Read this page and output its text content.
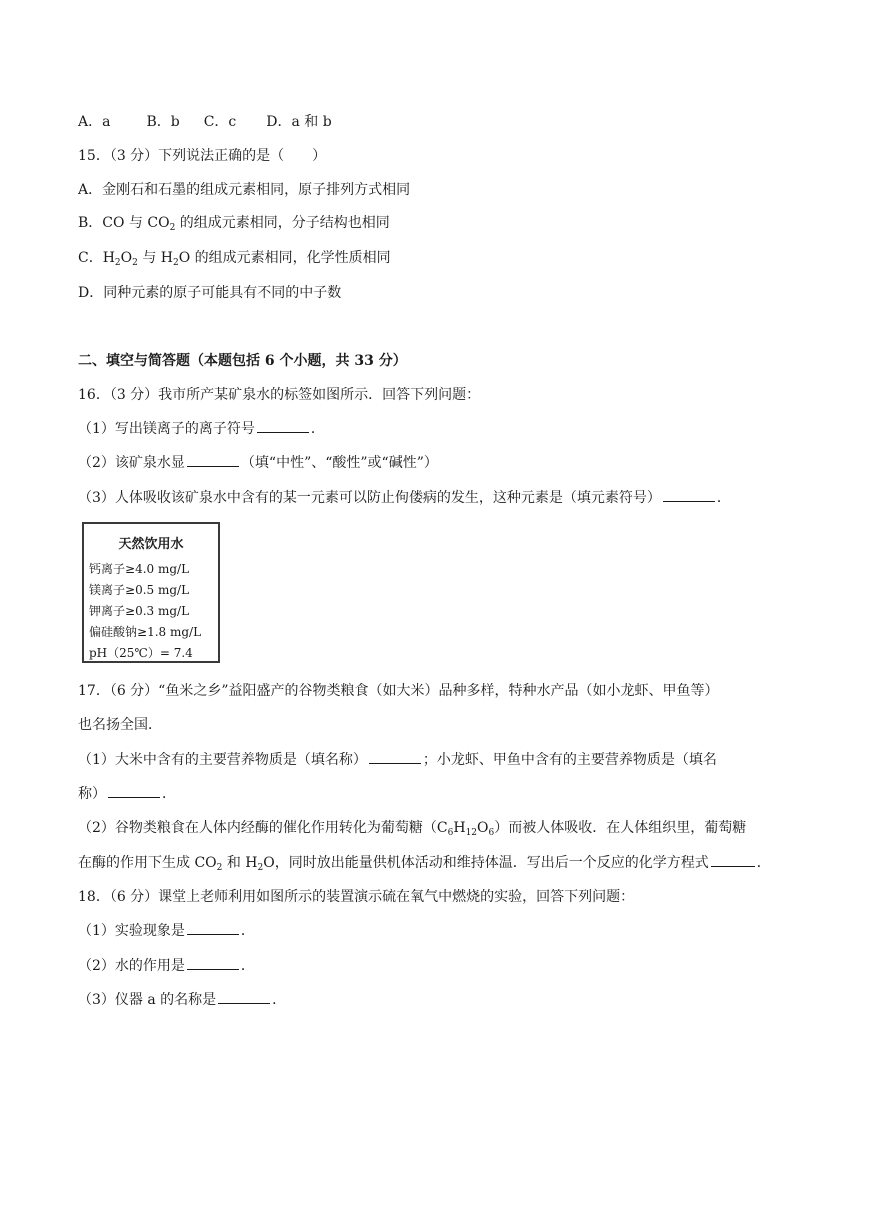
A．a	B．b C．c D．a 和 b
15．（3 分）下列说法正确的是（　　）
A．金刚石和石墨的组成元素相同，原子排列方式相同
B．CO 与 $CO_2$ 的组成元素相同，分子结构也相同
C．$H_2O_2$ 与 $H_2O$ 的组成元素相同，化学性质相同
D．同种元素的原子可能具有不同的中子数
二、填空与简答题（本题包括 6 个小题，共 33 分）
16．（3 分）我市所产某矿泉水的标签如图所示．回答下列问题：
（1）写出镁离子的离子符号	．
（2）该矿泉水显	（填“中性”、“酸性”或“碱性”）
（3）人体吸收该矿泉水中含有的某一元素可以防止佝偻病的发生，这种元素是（填元素符号）	．
天然饮用水
钙离子≥4.0 mg/L
镁离子≥0.5 mg/L
钾离子≥0.3 mg/L
偏硅酸钠≥1.8 mg/L
pH（25℃）= 7.4
17．（6 分）“鱼米之乡”益阳盛产的谷物类粮食（如大米）品种多样，特种水产品（如小龙虾、甲鱼等）
也名扬全国．
（1）大米中含有的主要营养物质是（填名称）	；小龙虾、甲鱼中含有的主要营养物质是（填名
称）	．
（2）谷物类粮食在人体内经酶的催化作用转化为葡萄糖$(C_6H_{12}O_6)$而被人体吸收．在人体组织里，葡萄糖
在酶的作用下生成 $CO_2$ 和 $H_2O$，同时放出能量供机体活动和维持体温．写出后一个反应的化学方程式	．
18．（6 分）课堂上老师利用如图所示的装置演示硫在氧气中燃烧的实验，回答下列问题：
（1）实验现象是	．
（2）水的作用是	．
（3）仪器 a 的名称是	．
